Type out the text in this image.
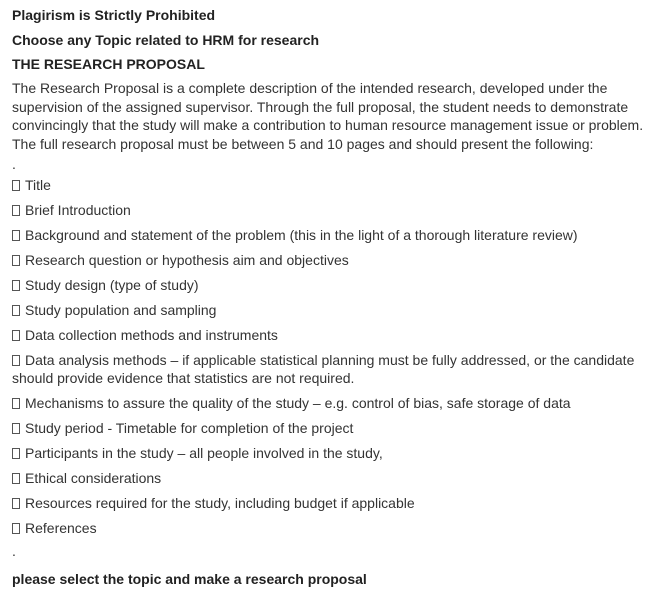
Plagirism is Strictly Prohibited

Choose any Topic related to HRM for research

THE RESEARCH PROPOSAL

The Research Proposal is a complete description of the intended research, developed under the supervision of the assigned supervisor. Through the full proposal, the student needs to demonstrate convincingly that the study will make a contribution to human resource management issue or problem. The full research proposal must be between 5 and 10 pages and should present the following:

.

Title
Brief Introduction
Background and statement of the problem (this in the light of a thorough literature review)
Research question or hypothesis aim and objectives
Study design (type of study)
Study population and sampling
Data collection methods and instruments
Data analysis methods – if applicable statistical planning must be fully addressed, or the candidate should provide evidence that statistics are not required.
Mechanisms to assure the quality of the study – e.g. control of bias, safe storage of data
Study period - Timetable for completion of the project
Participants in the study – all people involved in the study,
Ethical considerations
Resources required for the study, including budget if applicable
References

.

please select the topic and make a research proposal
